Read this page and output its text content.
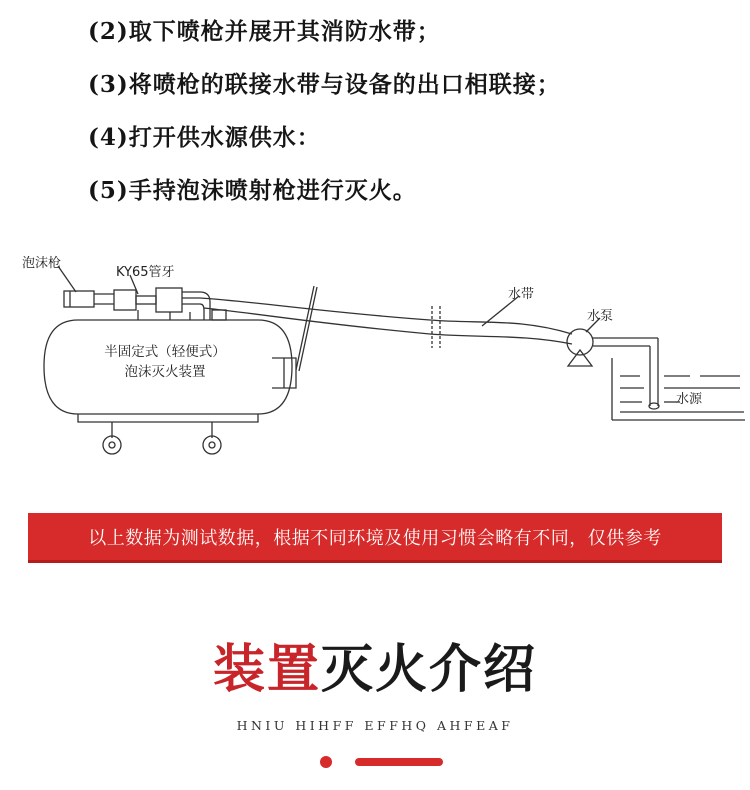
(2)取下喷枪并展开其消防水带；
(3)将喷枪的联接水带与设备的出口相联接；
(4)打开供水源供水：
(5)手持泡沫喷射枪进行灭火。
泡沫枪
KY65管牙
水带
水泵
水源
半固定式（轻便式）
泡沫灭火装置
以上数据为测试数据，根据不同环境及使用习惯会略有不同，仅供参考
装置灭火介绍
HNIU HIHFF EFFHQ AHFEAF
